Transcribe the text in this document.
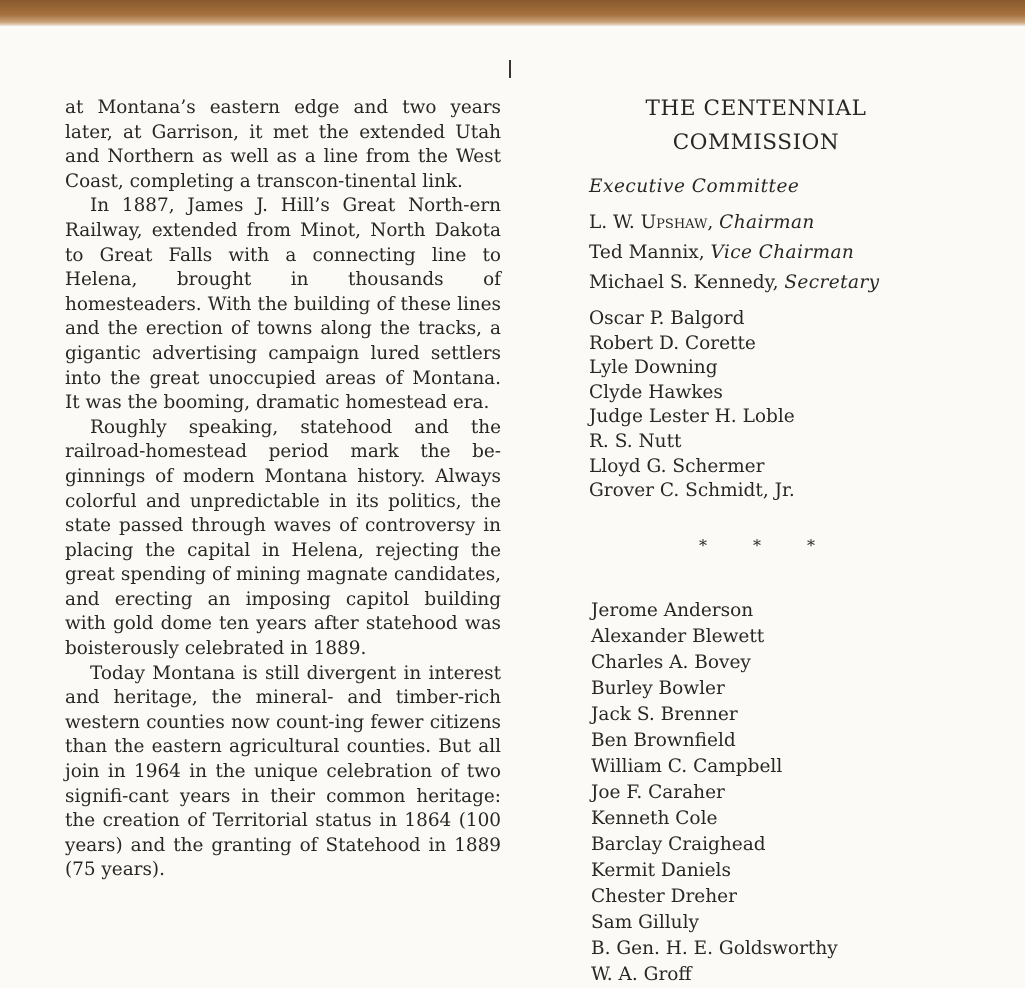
at Montana’s eastern edge and two years later, at Garrison, it met the extended Utah and Northern as well as a line from the West Coast, completing a transcon-tinental link.

In 1887, James J. Hill’s Great North-ern Railway, extended from Minot, North Dakota to Great Falls with a connecting line to Helena, brought in thousands of homesteaders. With the building of these lines and the erection of towns along the tracks, a gigantic advertising campaign lured settlers into the great unoccupied areas of Montana. It was the booming, dramatic homestead era.

Roughly speaking, statehood and the railroad-homestead period mark the be-ginnings of modern Montana history. Always colorful and unpredictable in its politics, the state passed through waves of controversy in placing the capital in Helena, rejecting the great spending of mining magnate candidates, and erecting an imposing capitol building with gold dome ten years after statehood was boisterously celebrated in 1889.

Today Montana is still divergent in interest and heritage, the mineral- and timber-rich western counties now count-ing fewer citizens than the eastern agricultural counties. But all join in 1964 in the unique celebration of two signifi-cant years in their common heritage: the creation of Territorial status in 1864 (100 years) and the granting of Statehood in 1889 (75 years).

THE CENTENNIAL
COMMISSION
Executive Committee
L. W. Upshaw, Chairman
Ted Mannix, Vice Chairman
Michael S. Kennedy, Secretary
Oscar P. Balgord
Robert D. Corette
Lyle Downing
Clyde Hawkes
Judge Lester H. Loble
R. S. Nutt
Lloyd G. Schermer
Grover C. Schmidt, Jr.
*	*	*
Jerome Anderson
Alexander Blewett
Charles A. Bovey
Burley Bowler
Jack S. Brenner
Ben Brownfield
William C. Campbell
Joe F. Caraher
Kenneth Cole
Barclay Craighead
Kermit Daniels
Chester Dreher
Sam Gilluly
B. Gen. H. E. Goldsworthy
W. A. Groff
